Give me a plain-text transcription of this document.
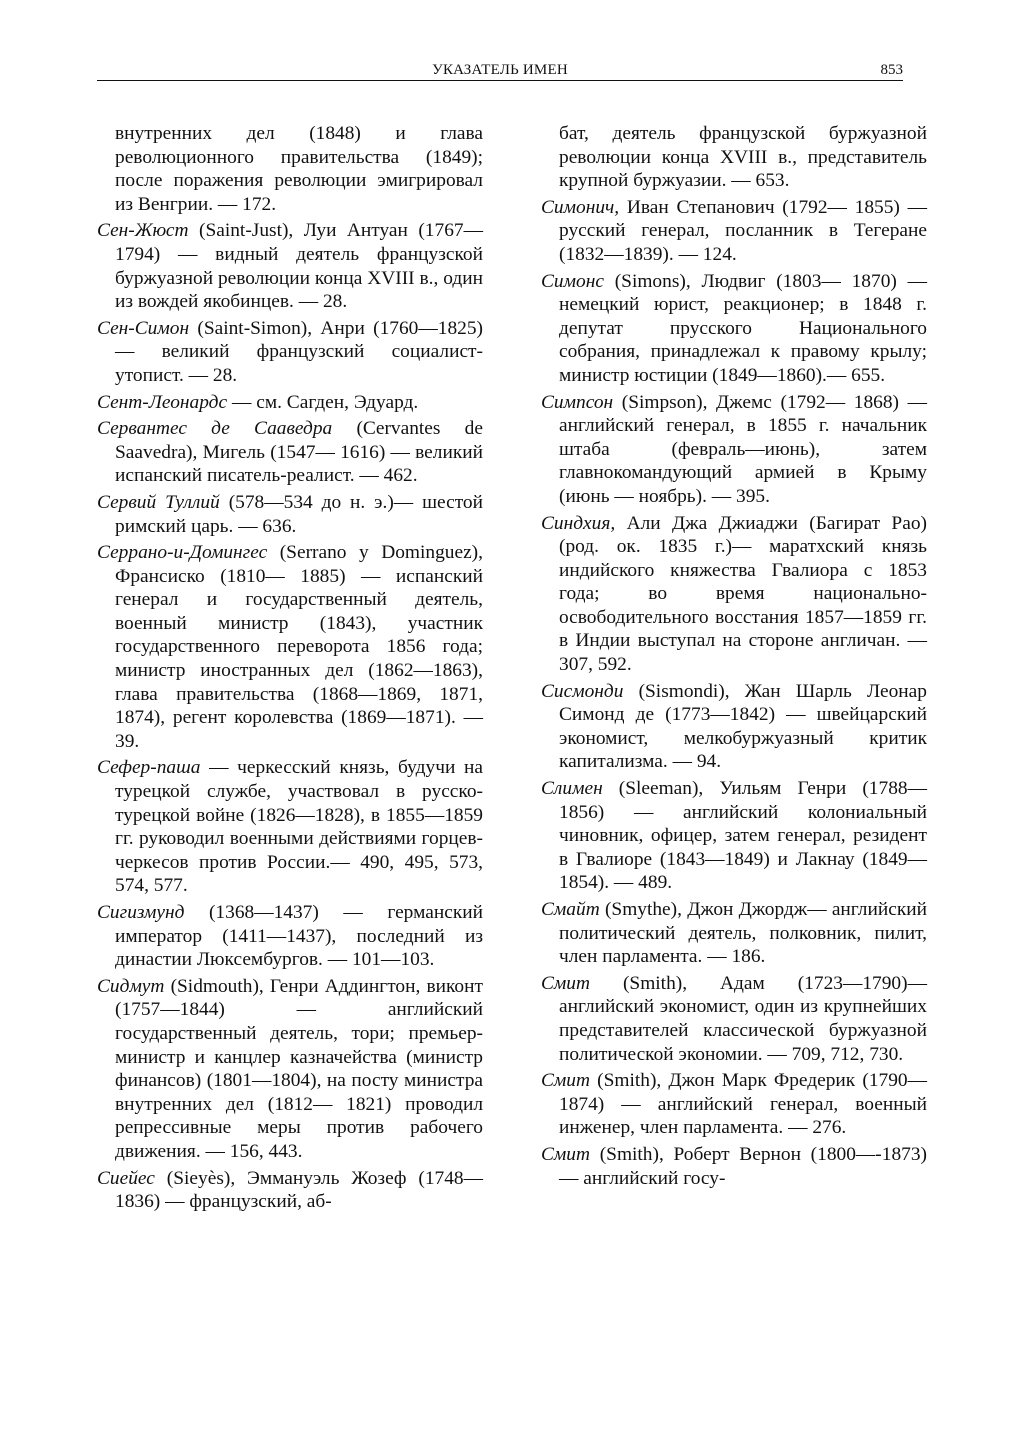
УКАЗАТЕЛЬ ИМЕН	853

внутренних дел (1848) и глава революционного правительства (1849); после поражения революции эмигрировал из Венгрии. — 172.

Сен-Жюст (Saint-Just), Луи Антуан (1767—1794) — видный деятель французской буржуазной революции конца XVIII в., один из вождей якобинцев. — 28.

Сен-Симон (Saint-Simon), Анри (1760—1825) — великий французский социалист-утопист. — 28.

Сент-Леонардс — см. Сагден, Эдуард.

Сервантес де Сааведра (Cervantes de Saavedra), Мигель (1547— 1616) — великий испанский писатель-реалист. — 462.

Сервий Туллий (578—534 до н. э.)— шестой римский царь. — 636.

Серрано-и-Домингес (Serrano y Dominguez), Франсиско (1810— 1885) — испанский генерал и государственный деятель, военный министр (1843), участник государственного переворота 1856 года; министр иностранных дел (1862—1863), глава правительства (1868—1869, 1871, 1874), регент королевства (1869—1871). — 39.

Сефер-паша — черкесский князь, будучи на турецкой службе, участвовал в русско-турецкой войне (1826—1828), в 1855—1859 гг. руководил военными действиями горцев-черкесов против России.— 490, 495, 573, 574, 577.

Сигизмунд (1368—1437) — германский император (1411—1437), последний из династии Люксембургов. — 101—103.

Сидмут (Sidmouth), Генри Аддингтон, виконт (1757—1844) — английский государственный деятель, тори; премьер-министр и канцлер казначейства (министр финансов) (1801—1804), на посту министра внутренних дел (1812— 1821) проводил репрессивные меры против рабочего движения. — 156, 443.

Сиейес (Sieyès), Эммануэль Жозеф (1748—1836) — французский, аб-

бат, деятель французской буржуазной революции конца XVIII в., представитель крупной буржуазии. — 653.

Симонич, Иван Степанович (1792— 1855) — русский генерал, посланник в Тегеране (1832—1839). — 124.

Симонс (Simons), Людвиг (1803— 1870) — немецкий юрист, реакционер; в 1848 г. депутат прусского Национального собрания, принадлежал к правому крылу; министр юстиции (1849—1860).— 655.

Симпсон (Simpson), Джемс (1792— 1868) — английский генерал, в 1855 г. начальник штаба (февраль—июнь), затем главнокомандующий армией в Крыму (июнь — ноябрь). — 395.

Синдхия, Али Джа Джиаджи (Багират Рао) (род. ок. 1835 г.)— маратхский князь индийского княжества Гвалиора с 1853 года; во время национально-освободительного восстания 1857—1859 гг. в Индии выступал на стороне англичан. — 307, 592.

Сисмонди (Sismondi), Жан Шарль Леонар Симонд де (1773—1842) — швейцарский экономист, мелкобуржуазный критик капитализма. — 94.

Слимен (Sleeman), Уильям Генри (1788—1856) — английский колониальный чиновник, офицер, затем генерал, резидент в Гвалиоре (1843—1849) и Лакнау (1849— 1854). — 489.

Смайт (Smythe), Джон Джордж— английский политический деятель, полковник, пилит, член парламента. — 186.

Смит (Smith), Адам (1723—1790)— английский экономист, один из крупнейших представителей классической буржуазной политической экономии. — 709, 712, 730.

Смит (Smith), Джон Марк Фредерик (1790—1874) — английский генерал, военный инженер, член парламента. — 276.

Смит (Smith), Роберт Вернон (1800—-1873) — английский госу-
